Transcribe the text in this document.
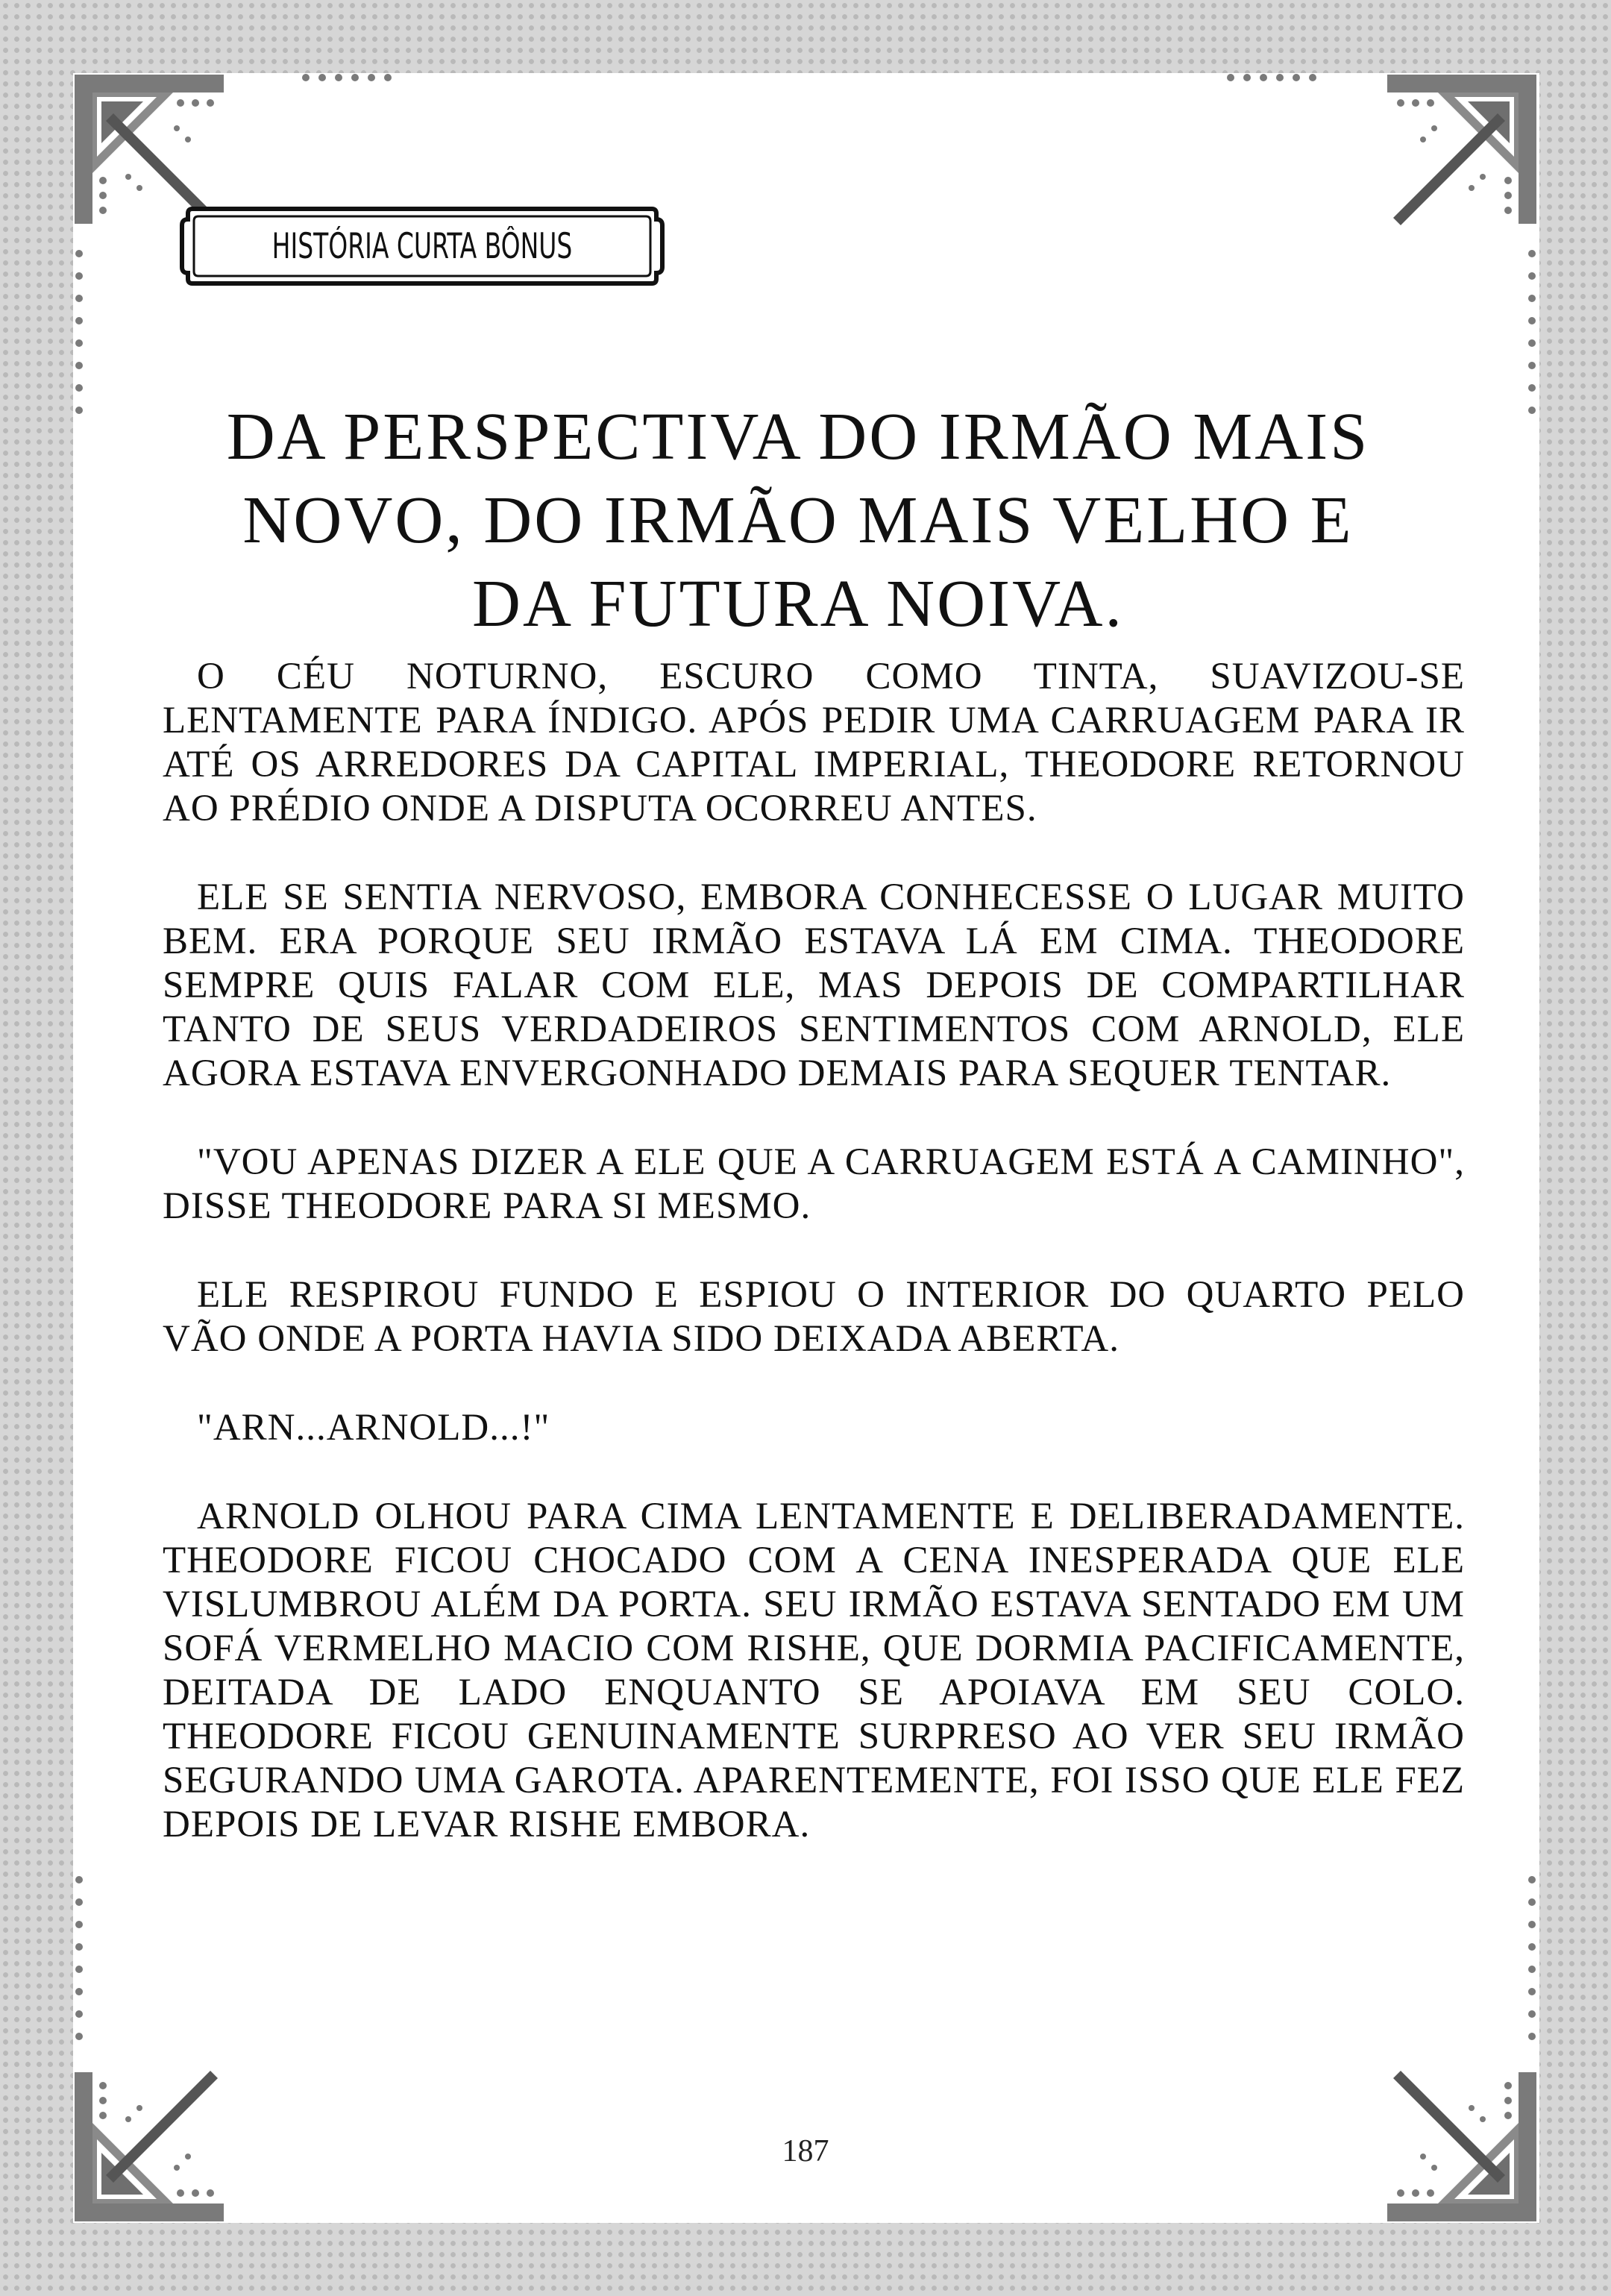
HISTÓRIA CURTA BÔNUS
DA PERSPECTIVA DO IRMÃO MAIS
NOVO, DO IRMÃO MAIS VELHO E
DA FUTURA NOIVA.

O CÉU NOTURNO, ESCURO COMO TINTA, SUAVIZOU-SE LENTAMENTE PARA ÍNDIGO. APÓS PEDIR UMA CARRUAGEM PARA IR ATÉ OS ARREDORES DA CAPITAL IMPERIAL, THEODORE RETORNOU AO PRÉDIO ONDE A DISPUTA OCORREU ANTES.

ELE SE SENTIA NERVOSO, EMBORA CONHECESSE O LUGAR MUITO BEM. ERA PORQUE SEU IRMÃO ESTAVA LÁ EM CIMA. THEODORE SEMPRE QUIS FALAR COM ELE, MAS DEPOIS DE COMPARTILHAR TANTO DE SEUS VERDADEIROS SENTIMENTOS COM ARNOLD, ELE AGORA ESTAVA ENVERGONHADO DEMAIS PARA SEQUER TENTAR.

"VOU APENAS DIZER A ELE QUE A CARRUAGEM ESTÁ A CAMINHO", DISSE THEODORE PARA SI MESMO.

ELE RESPIROU FUNDO E ESPIOU O INTERIOR DO QUARTO PELO VÃO ONDE A PORTA HAVIA SIDO DEIXADA ABERTA.

"ARN...ARNOLD...!"

ARNOLD OLHOU PARA CIMA LENTAMENTE E DELIBERADAMENTE. THEODORE FICOU CHOCADO COM A CENA INESPERADA QUE ELE VISLUMBROU ALÉM DA PORTA. SEU IRMÃO ESTAVA SENTADO EM UM SOFÁ VERMELHO MACIO COM RISHE, QUE DORMIA PACIFICAMENTE, DEITADA DE LADO ENQUANTO SE APOIAVA EM SEU COLO. THEODORE FICOU GENUINAMENTE SURPRESO AO VER SEU IRMÃO SEGURANDO UMA GAROTA. APARENTEMENTE, FOI ISSO QUE ELE FEZ DEPOIS DE LEVAR RISHE EMBORA.

187
